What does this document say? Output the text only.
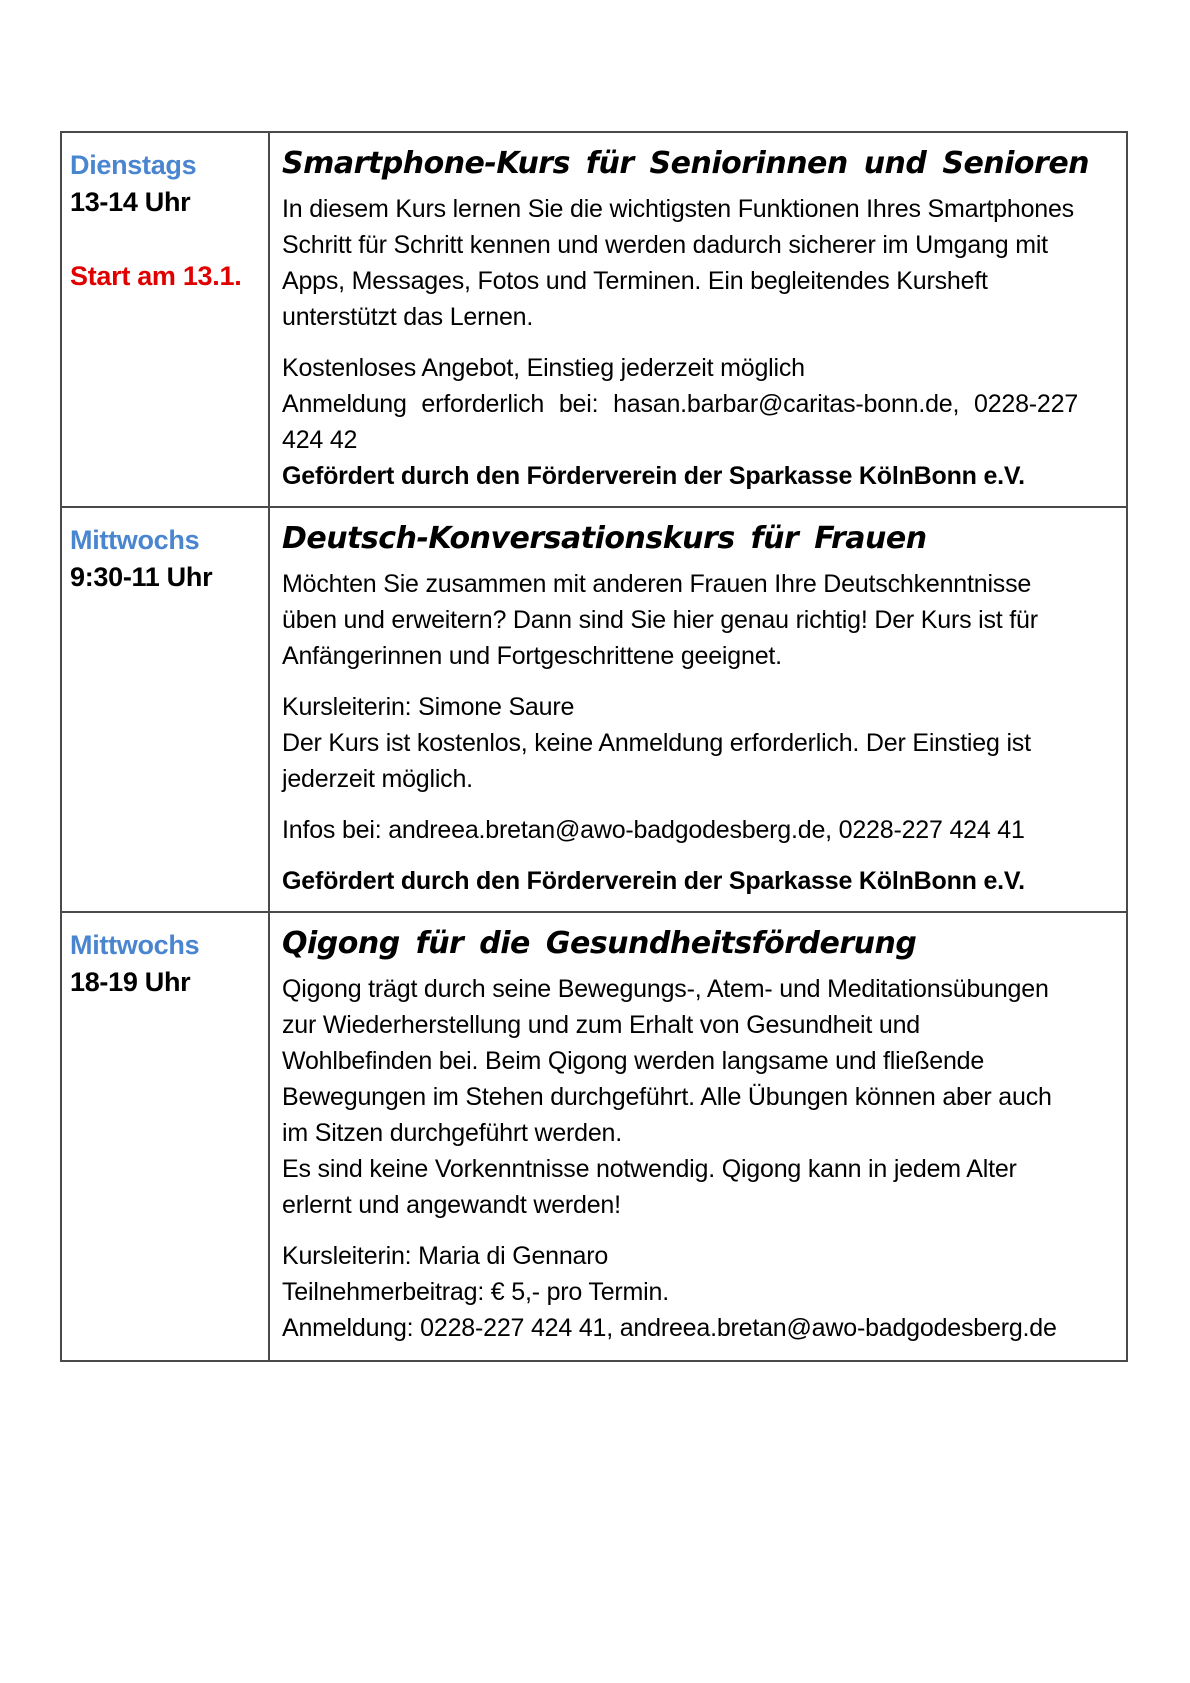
Dienstags
13-14 Uhr
Start am 13.1.
Smartphone-Kurs für Seniorinnen und Senioren
In diesem Kurs lernen Sie die wichtigsten Funktionen Ihres Smartphones
Schritt für Schritt kennen und werden dadurch sicherer im Umgang mit
Apps, Messages, Fotos und Terminen. Ein begleitendes Kursheft
unterstützt das Lernen.
Kostenloses Angebot, Einstieg jederzeit möglich
Anmeldung erforderlich bei: hasan.barbar@caritas-bonn.de, 0228-227
424 42
Gefördert durch den Förderverein der Sparkasse KölnBonn e.V.
Mittwochs
9:30-11 Uhr
Deutsch-Konversationskurs für Frauen
Möchten Sie zusammen mit anderen Frauen Ihre Deutschkenntnisse
üben und erweitern? Dann sind Sie hier genau richtig! Der Kurs ist für
Anfängerinnen und Fortgeschrittene geeignet.
Kursleiterin: Simone Saure
Der Kurs ist kostenlos, keine Anmeldung erforderlich. Der Einstieg ist
jederzeit möglich.
Infos bei: andreea.bretan@awo-badgodesberg.de, 0228-227 424 41
Gefördert durch den Förderverein der Sparkasse KölnBonn e.V.
Mittwochs
18-19 Uhr
Qigong für die Gesundheitsförderung
Qigong trägt durch seine Bewegungs-, Atem- und Meditationsübungen
zur Wiederherstellung und zum Erhalt von Gesundheit und
Wohlbefinden bei. Beim Qigong werden langsame und fließende
Bewegungen im Stehen durchgeführt. Alle Übungen können aber auch
im Sitzen durchgeführt werden.
Es sind keine Vorkenntnisse notwendig. Qigong kann in jedem Alter
erlernt und angewandt werden!
Kursleiterin: Maria di Gennaro
Teilnehmerbeitrag: € 5,- pro Termin.
Anmeldung: 0228-227 424 41, andreea.bretan@awo-badgodesberg.de
